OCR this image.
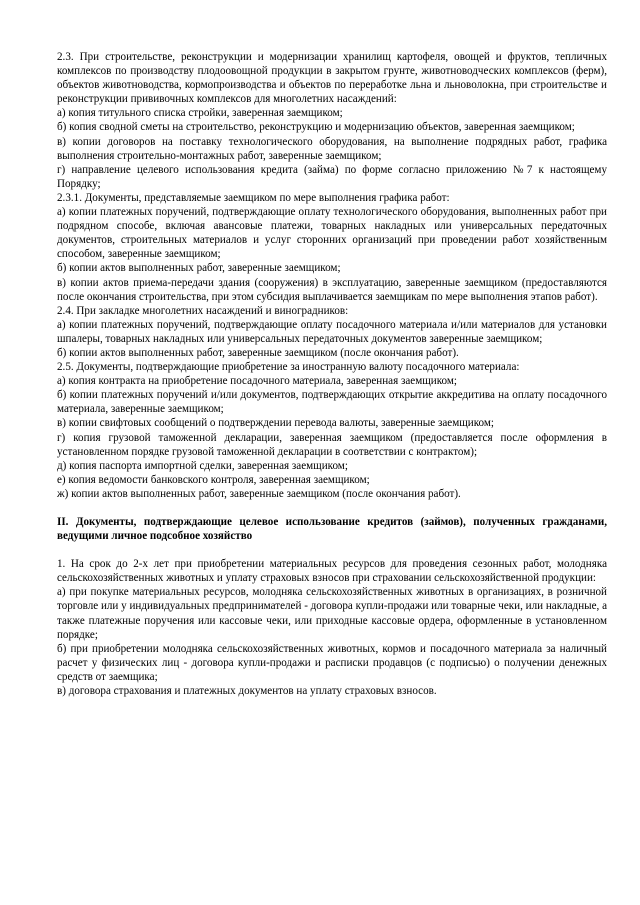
2.3. При строительстве, реконструкции и модернизации хранилищ картофеля, овощей и фруктов, тепличных комплексов по производству плодоовощной продукции в закрытом грунте, животноводческих комплексов (ферм), объектов животноводства, кормопроизводства и объектов по переработке льна и льноволокна, при строительстве и реконструкции прививочных комплексов для многолетних насаждений:

а) копия титульного списка стройки, заверенная заемщиком;

б) копия сводной сметы на строительство, реконструкцию и модернизацию объектов, заверенная заемщиком;

в) копии договоров на поставку технологического оборудования, на выполнение подрядных работ, графика выполнения строительно-монтажных работ, заверенные заемщиком;

г) направление целевого использования кредита (займа) по форме согласно приложению №7 к настоящему Порядку;

2.3.1. Документы, представляемые заемщиком по мере выполнения графика работ:

а) копии платежных поручений, подтверждающие оплату технологического оборудования, выполненных работ при подрядном способе, включая авансовые платежи, товарных накладных или универсальных передаточных документов, строительных материалов и услуг сторонних организаций при проведении работ хозяйственным способом, заверенные заемщиком;

б) копии актов выполненных работ, заверенные заемщиком;

в) копии актов приема-передачи здания (сооружения) в эксплуатацию, заверенные заемщиком (предоставляются после окончания строительства, при этом субсидия выплачивается заемщикам по мере выполнения этапов работ).

2.4. При закладке многолетних насаждений и виноградников:

а) копии платежных поручений, подтверждающие оплату посадочного материала и/или материалов для установки шпалеры, товарных накладных или универсальных передаточных документов заверенные заемщиком;

б) копии актов выполненных работ, заверенные заемщиком (после окончания работ).

2.5. Документы, подтверждающие приобретение за иностранную валюту посадочного материала:

а) копия контракта на приобретение посадочного материала, заверенная заемщиком;

б) копии платежных поручений и/или документов, подтверждающих открытие аккредитива на оплату посадочного материала, заверенные заемщиком;

в) копии свифтовых сообщений о подтверждении перевода валюты, заверенные заемщиком;

г) копия грузовой таможенной декларации, заверенная заемщиком (предоставляется после оформления в установленном порядке грузовой таможенной декларации в соответствии с контрактом);

д) копия паспорта импортной сделки, заверенная заемщиком;

е) копия ведомости банковского контроля, заверенная заемщиком;

ж) копии актов выполненных работ, заверенные заемщиком (после окончания работ).

II. Документы, подтверждающие целевое использование кредитов (займов), полученных гражданами, ведущими личное подсобное хозяйство

1. На срок до 2-х лет при приобретении материальных ресурсов для проведения сезонных работ, молодняка сельскохозяйственных животных и уплату страховых взносов при страховании сельскохозяйственной продукции:

а) при покупке материальных ресурсов, молодняка сельскохозяйственных животных в организациях, в розничной торговле или у индивидуальных предпринимателей - договора купли-продажи или товарные чеки, или накладные, а также платежные поручения или кассовые чеки, или приходные кассовые ордера, оформленные в установленном порядке;

б) при приобретении молодняка сельскохозяйственных животных, кормов и посадочного материала за наличный расчет у физических лиц - договора купли-продажи и расписки продавцов (с подписью) о получении денежных средств от заемщика;

в) договора страхования и платежных документов на уплату страховых взносов.
